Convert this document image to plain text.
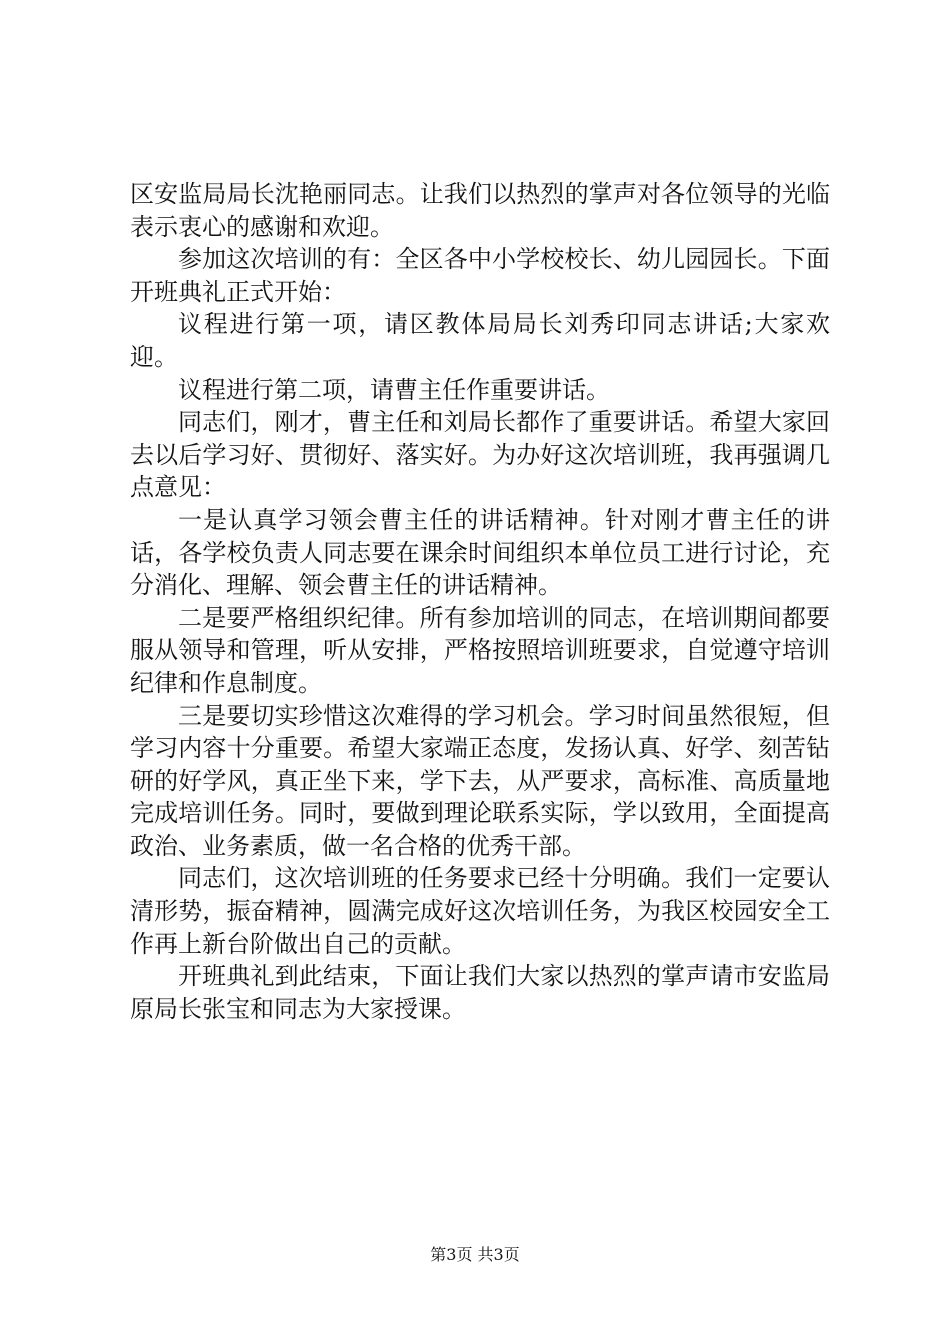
区安监局局长沈艳丽同志。让我们以热烈的掌声对各位领导的光临表示衷心的感谢和欢迎。

参加这次培训的有：全区各中小学校校长、幼儿园园长。下面开班典礼正式开始：

议程进行第一项，请区教体局局长刘秀印同志讲话;大家欢迎。

议程进行第二项，请曹主任作重要讲话。

同志们，刚才，曹主任和刘局长都作了重要讲话。希望大家回去以后学习好、贯彻好、落实好。为办好这次培训班，我再强调几点意见：

一是认真学习领会曹主任的讲话精神。针对刚才曹主任的讲话，各学校负责人同志要在课余时间组织本单位员工进行讨论，充分消化、理解、领会曹主任的讲话精神。

二是要严格组织纪律。所有参加培训的同志，在培训期间都要服从领导和管理，听从安排，严格按照培训班要求，自觉遵守培训纪律和作息制度。

三是要切实珍惜这次难得的学习机会。学习时间虽然很短，但学习内容十分重要。希望大家端正态度，发扬认真、好学、刻苦钻研的好学风，真正坐下来，学下去，从严要求，高标准、高质量地完成培训任务。同时，要做到理论联系实际，学以致用，全面提高政治、业务素质，做一名合格的优秀干部。

同志们，这次培训班的任务要求已经十分明确。我们一定要认清形势，振奋精神，圆满完成好这次培训任务，为我区校园安全工作再上新台阶做出自己的贡献。

开班典礼到此结束，下面让我们大家以热烈的掌声请市安监局原局长张宝和同志为大家授课。

第3页 共3页
